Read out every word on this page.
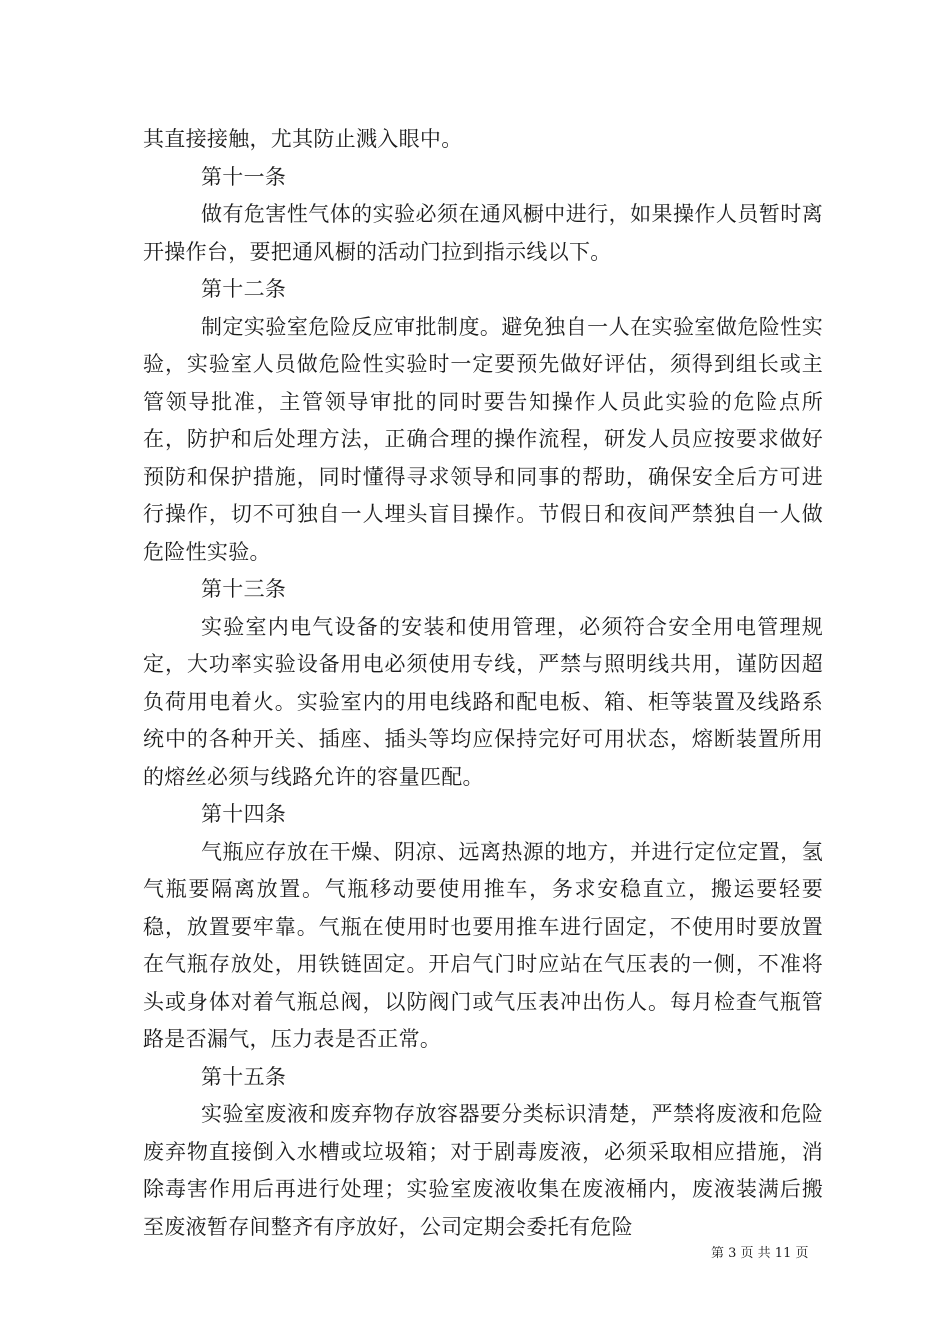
其直接接触，尤其防止溅入眼中。

第十一条

做有危害性气体的实验必须在通风橱中进行，如果操作人员暂时离开操作台，要把通风橱的活动门拉到指示线以下。

第十二条

制定实验室危险反应审批制度。避免独自一人在实验室做危险性实验，实验室人员做危险性实验时一定要预先做好评估，须得到组长或主管领导批准，主管领导审批的同时要告知操作人员此实验的危险点所在，防护和后处理方法，正确合理的操作流程，研发人员应按要求做好预防和保护措施，同时懂得寻求领导和同事的帮助，确保安全后方可进行操作，切不可独自一人埋头盲目操作。节假日和夜间严禁独自一人做危险性实验。

第十三条

实验室内电气设备的安装和使用管理，必须符合安全用电管理规定，大功率实验设备用电必须使用专线，严禁与照明线共用，谨防因超负荷用电着火。实验室内的用电线路和配电板、箱、柜等装置及线路系统中的各种开关、插座、插头等均应保持完好可用状态，熔断装置所用的熔丝必须与线路允许的容量匹配。

第十四条

气瓶应存放在干燥、阴凉、远离热源的地方，并进行定位定置，氢气瓶要隔离放置。气瓶移动要使用推车，务求安稳直立，搬运要轻要稳，放置要牢靠。气瓶在使用时也要用推车进行固定，不使用时要放置在气瓶存放处，用铁链固定。开启气门时应站在气压表的一侧，不准将头或身体对着气瓶总阀，以防阀门或气压表冲出伤人。每月检查气瓶管路是否漏气，压力表是否正常。

第十五条

实验室废液和废弃物存放容器要分类标识清楚，严禁将废液和危险废弃物直接倒入水槽或垃圾箱；对于剧毒废液，必须采取相应措施，消除毒害作用后再进行处理；实验室废液收集在废液桶内，废液装满后搬至废液暂存间整齐有序放好，公司定期会委托有危险

第 3 页 共 11 页
